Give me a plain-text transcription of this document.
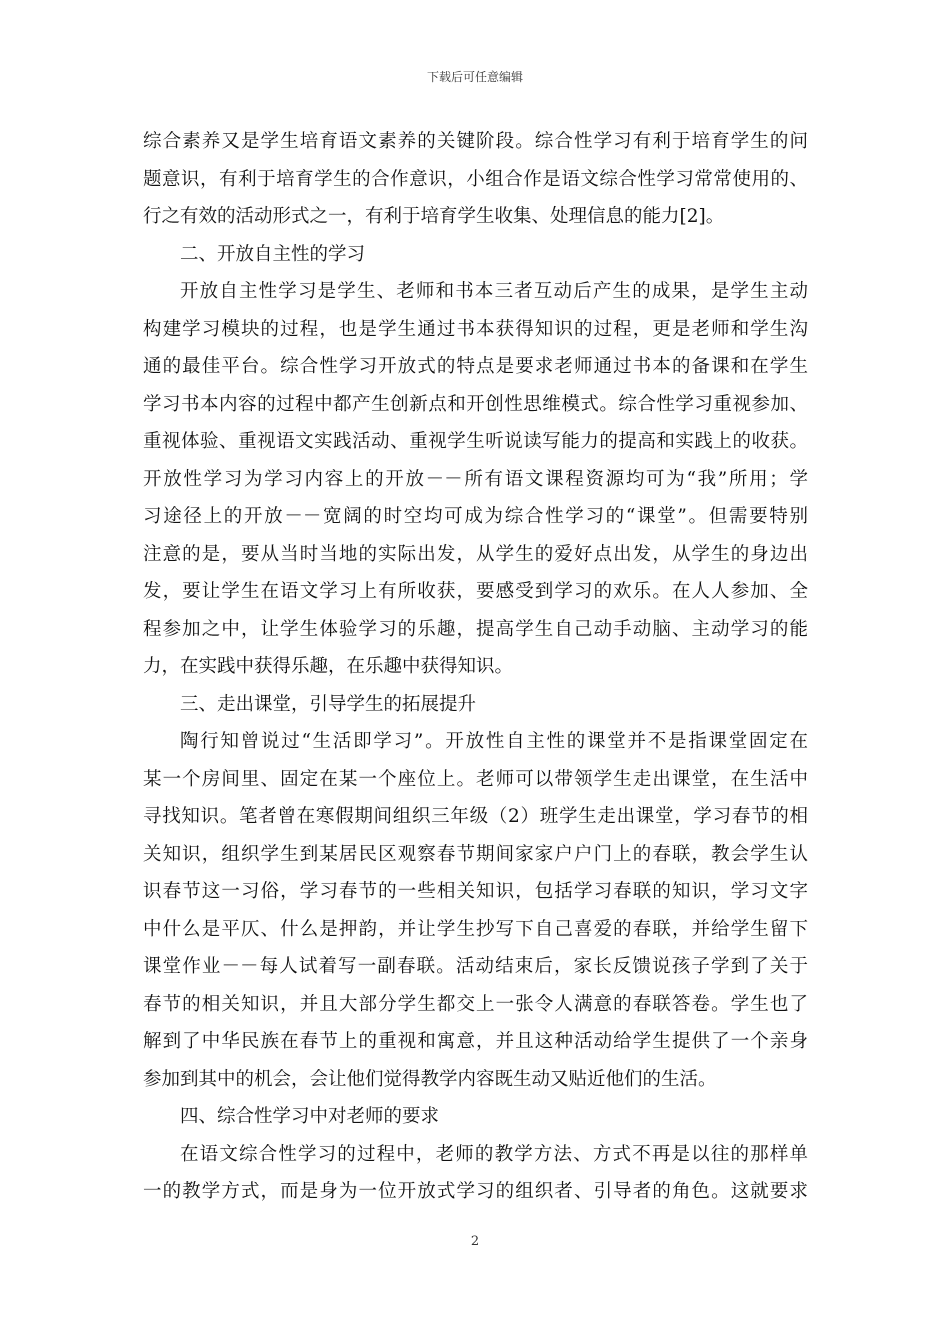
下载后可任意编辑
综合素养又是学生培育语文素养的关键阶段。综合性学习有利于培育学生的问
题意识，有利于培育学生的合作意识，小组合作是语文综合性学习常常使用的、
行之有效的活动形式之一，有利于培育学生收集、处理信息的能力[2]。
二、开放自主性的学习
开放自主性学习是学生、老师和书本三者互动后产生的成果，是学生主动
构建学习模块的过程，也是学生通过书本获得知识的过程，更是老师和学生沟
通的最佳平台。综合性学习开放式的特点是要求老师通过书本的备课和在学生
学习书本内容的过程中都产生创新点和开创性思维模式。综合性学习重视参加、
重视体验、重视语文实践活动、重视学生听说读写能力的提高和实践上的收获。
开放性学习为学习内容上的开放－－所有语文课程资源均可为“我”所用；学
习途径上的开放－－宽阔的时空均可成为综合性学习的“课堂”。但需要特别
注意的是，要从当时当地的实际出发，从学生的爱好点出发，从学生的身边出
发，要让学生在语文学习上有所收获，要感受到学习的欢乐。在人人参加、全
程参加之中，让学生体验学习的乐趣，提高学生自己动手动脑、主动学习的能
力，在实践中获得乐趣，在乐趣中获得知识。
三、走出课堂，引导学生的拓展提升
陶行知曾说过“生活即学习”。开放性自主性的课堂并不是指课堂固定在
某一个房间里、固定在某一个座位上。老师可以带领学生走出课堂，在生活中
寻找知识。笔者曾在寒假期间组织三年级（2）班学生走出课堂，学习春节的相
关知识，组织学生到某居民区观察春节期间家家户户门上的春联，教会学生认
识春节这一习俗，学习春节的一些相关知识，包括学习春联的知识，学习文字
中什么是平仄、什么是押韵，并让学生抄写下自己喜爱的春联，并给学生留下
课堂作业－－每人试着写一副春联。活动结束后，家长反馈说孩子学到了关于
春节的相关知识，并且大部分学生都交上一张令人满意的春联答卷。学生也了
解到了中华民族在春节上的重视和寓意，并且这种活动给学生提供了一个亲身
参加到其中的机会，会让他们觉得教学内容既生动又贴近他们的生活。
四、综合性学习中对老师的要求
在语文综合性学习的过程中，老师的教学方法、方式不再是以往的那样单
一的教学方式，而是身为一位开放式学习的组织者、引导者的角色。这就要求
2
